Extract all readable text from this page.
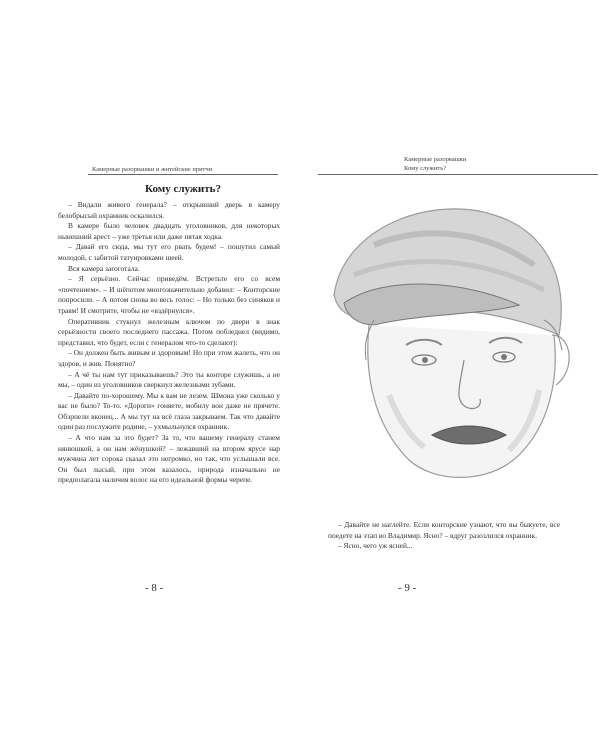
Камерные разорвашки и житейские притчи
Кому служить?

– Видали живого генерала? – открывший дверь в камеру белобрысый охранник оскалился.

В камере было человек двадцать уголовников, для некоторых нынешний арест – уже третья или даже пятая ходка.

– Давай его сюда, мы тут его рвать будем! – пошутил самый молодой, с забитой татуировками шеей.

Вся камера загоготала.

– Я серьёзно. Сейчас приведём. Встретьте его со всем «почтением». – И шёпотом многозначительно добавил: – Конторские попросили. – А потом снова во весь голос: – Но только без синяков и травм! И смотрите, чтобы не «вздёрнулся».

Оперативник стукнул железным ключом по двери в знак серьёзности своего последнего пассажа. Потом побледнел (видимо, представил, что будет, если с генералом что-то сделают):

– Он должен быть живым и здоровым! Но при этом жалеть, что он здоров, и жив. Понятно?

– А чё ты нам тут приказываешь? Это ты конторе служишь, а не мы, – один из уголовников сверкнул железными зубами.

– Давайте по-хорошему. Мы к вам не лезем. Шмона уже сколько у вас не было? То-то. «Дороги» гоняете, мобилу вон даже не прячете. Обэрпели вконец... А мы тут на всё глаза закрываем. Так что давайте один раз послужите родине, – ухмыльнулся охранник.

– А что нам за это будет? За то, что вашему генералу станем нянюшкой, а он нам жёнушкой? – лежавший на втором ярусе нар мужчина лет сорока сказал это негромко, но так, что услышали все. Он был лысый, при этом казалось, природа изначально не предполагала наличия волос на его идеальной формы черепе.

- 8 -
Камерные разорвашки
Кому служить?

– Давайте не наглейте. Если конторские узнают, что вы быкуете, все поедете на этап во Владимир. Ясно? – вдруг разозлился охранник.

– Ясно, чего уж ясней...

- 9 -
